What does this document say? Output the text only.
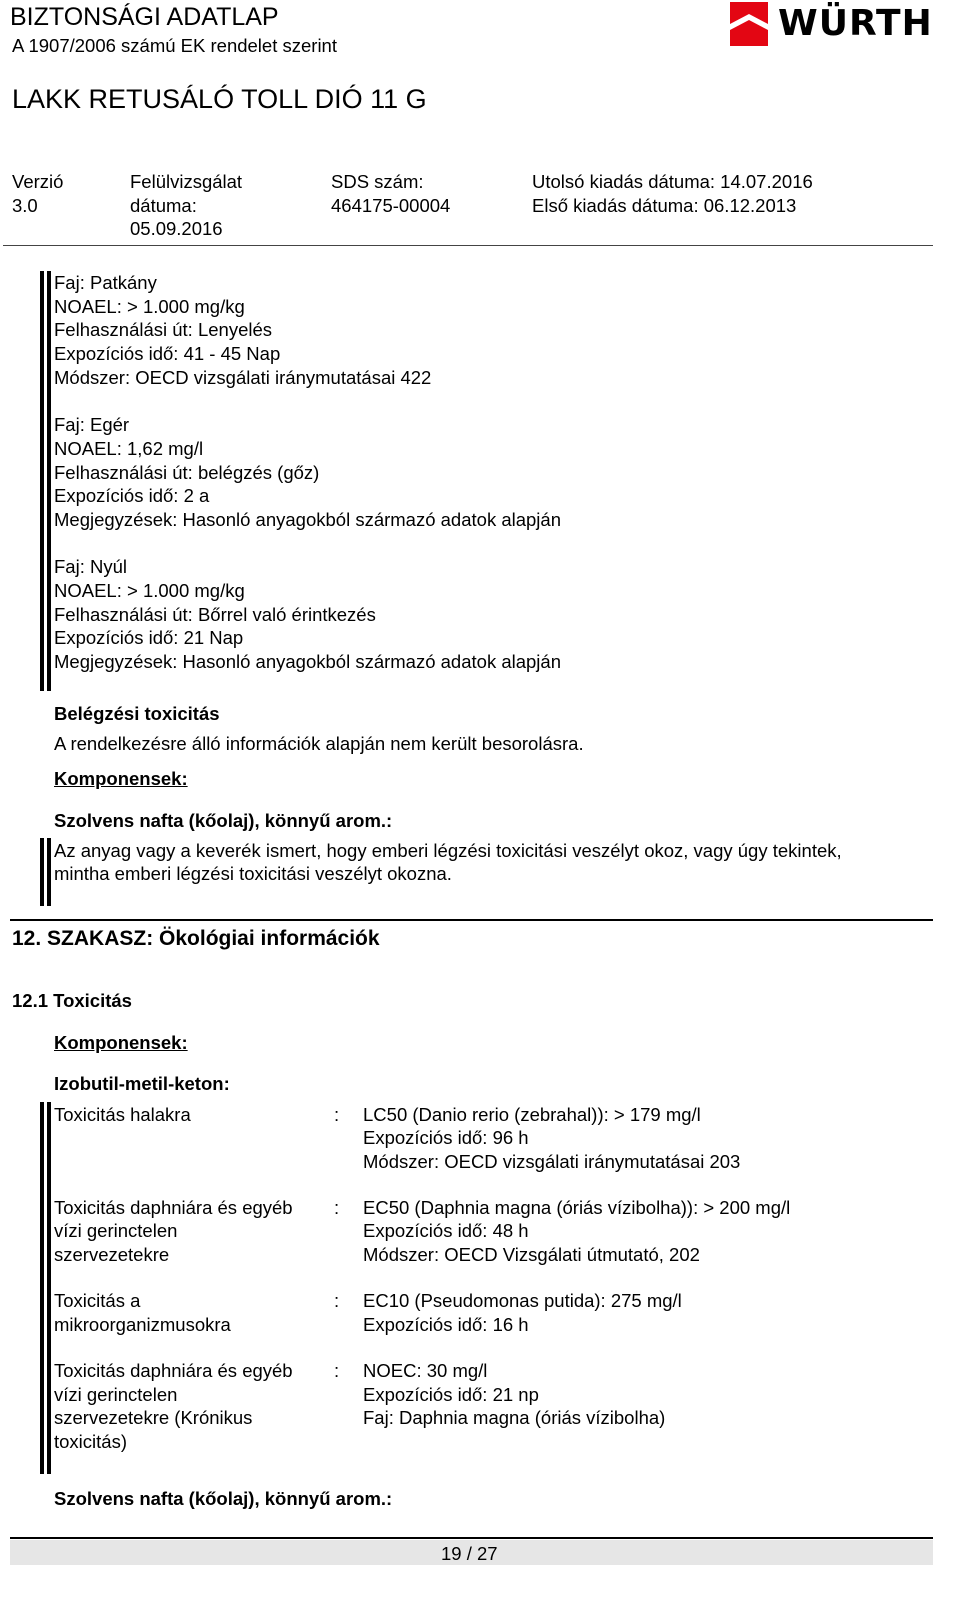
BIZTONSÁGI ADATLAP
A 1907/2006 számú EK rendelet szerint
WÜRTH
LAKK RETUSÁLÓ TOLL DIÓ 11 G
Verzió
3.0
Felülvizsgálat
dátuma:
05.09.2016
SDS szám:
464175-00004
Utolsó kiadás dátuma: 14.07.2016
Első kiadás dátuma: 06.12.2013
Faj: Patkány
NOAEL: > 1.000 mg/kg
Felhasználási út: Lenyelés
Expozíciós idő: 41 - 45 Nap
Módszer: OECD vizsgálati iránymutatásai 422
Faj: Egér
NOAEL: 1,62 mg/l
Felhasználási út: belégzés (gőz)
Expozíciós idő: 2 a
Megjegyzések: Hasonló anyagokból származó adatok alapján
Faj: Nyúl
NOAEL: > 1.000 mg/kg
Felhasználási út: Bőrrel való érintkezés
Expozíciós idő: 21 Nap
Megjegyzések: Hasonló anyagokból származó adatok alapján
Belégzési toxicitás
A rendelkezésre álló információk alapján nem került besorolásra.
Komponensek:
Szolvens nafta (kőolaj), könnyű arom.:
Az anyag vagy a keverék ismert, hogy emberi légzési toxicitási veszélyt okoz, vagy úgy tekintek,
mintha emberi légzési toxicitási veszélyt okozna.
12. SZAKASZ: Ökológiai információk
12.1 Toxicitás
Komponensek:
Izobutil-metil-keton:
Toxicitás halakra	: LC50 (Danio rerio (zebrahal)): > 179 mg/l
Expozíciós idő: 96 h
Módszer: OECD vizsgálati iránymutatásai 203
Toxicitás daphniára és egyéb
vízi gerinctelen
szervezetekre
: EC50 (Daphnia magna (óriás vízibolha)): > 200 mg/l
Expozíciós idő: 48 h
Módszer: OECD Vizsgálati útmutató, 202
Toxicitás a
mikroorganizmusokra
: EC10 (Pseudomonas putida): 275 mg/l
Expozíciós idő: 16 h
Toxicitás daphniára és egyéb
vízi gerinctelen
szervezetekre (Krónikus
toxicitás)
: NOEC: 30 mg/l
Expozíciós idő: 21 np
Faj: Daphnia magna (óriás vízibolha)
Szolvens nafta (kőolaj), könnyű arom.:
19 / 27
